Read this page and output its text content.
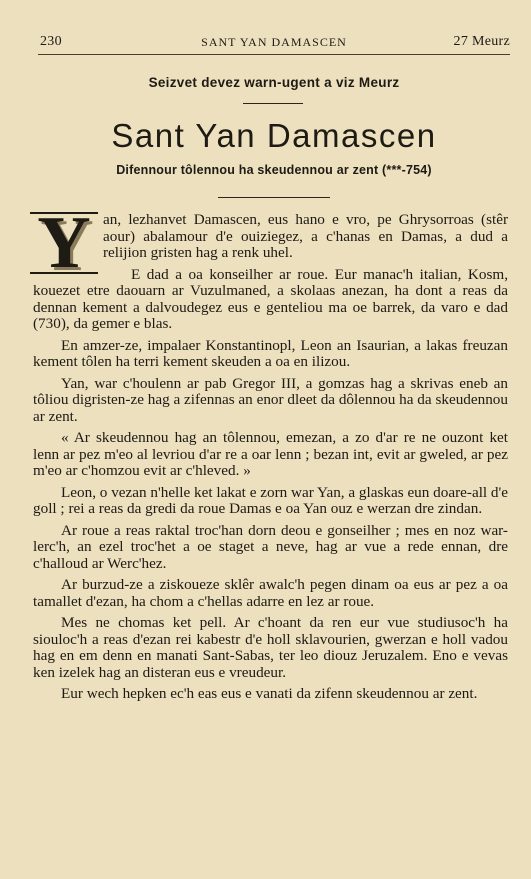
230	SANT YAN DAMASCEN	27 Meurz
Seizvet devez warn-ugent a viz Meurz
Sant Yan Damascen
Difennour tôlennou ha skeudennou ar zent (***-754)
Y an, lezhanvet Damascen, eus hano e vro, pe Ghrysorroas (stêr aour) abalamour d'e ouiziegez, a c'hanas en Damas, a dud a relijion gristen hag a renk uhel.

E dad a oa konseilher ar roue. Eur manac'h italian, Kosm, kouezet etre daouarn ar Vuzulmaned, a skolaas anezan, ha dont a reas da dennan kement a dalvoudegez eus e genteliou ma oe barrek, da varo e dad (730), da gemer e blas.

En amzer-ze, impalaer Konstantinopl, Leon an Isaurian, a lakas freuzan kement tôlen ha terri kement skeuden a oa en ilizou.

Yan, war c'houlenn ar pab Gregor III, a gomzas hag a skrivas eneb an tôliou digristen-ze hag a zifennas an enor dleet da dôlennou ha da skeudennou ar zent.

« Ar skeudennou hag an tôlennou, emezan, a zo d'ar re ne ouzont ket lenn ar pez m'eo al levriou d'ar re a oar lenn ; bezan int, evit ar gweled, ar pez m'eo ar c'homzou evit ar c'hleved. »

Leon, o vezan n'helle ket lakat e zorn war Yan, a glaskas eun doare-all d'e goll ; rei a reas da gredi da roue Damas e oa Yan ouz e werzan dre zindan.

Ar roue a reas raktal troc'han dorn deou e gonseilher ; mes en noz war-lerc'h, an ezel troc'het a oe staget a neve, hag ar vue a rede ennan, dre c'halloud ar Werc'hez.

Ar burzud-ze a ziskoueze sklêr awalc'h pegen dinam oa eus ar pez a oa tamallet d'ezan, ha chom a c'hellas adarre en lez ar roue.

Mes ne chomas ket pell. Ar c'hoant da ren eur vue studiusoc'h ha siouloc'h a reas d'ezan rei kabestr d'e holl sklavourien, gwerzan e holl vadou hag en em denn en manati Sant-Sabas, ter leo diouz Jeruzalem. Eno e vevas ken izelek hag an disteran eus e vreudeur.

Eur wech hepken ec'h eas eus e vanati da zifenn skeudennou ar zent.
